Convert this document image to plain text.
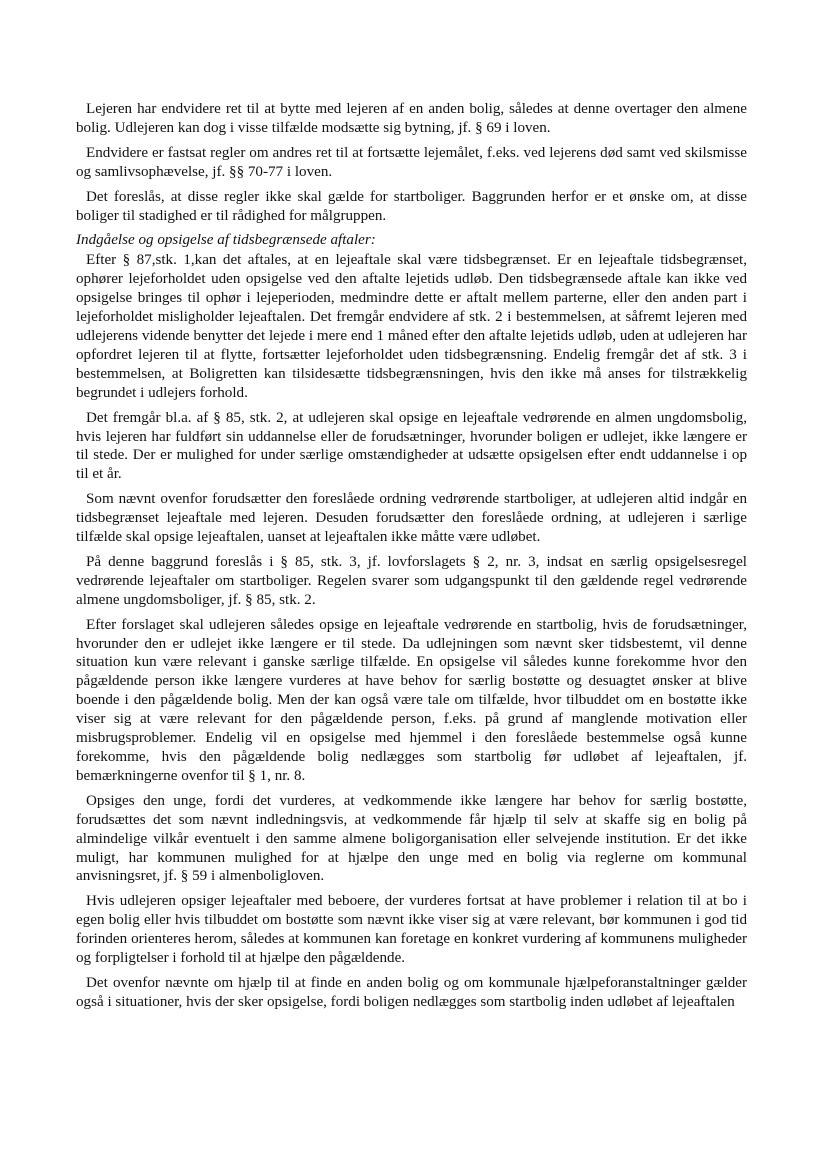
Lejeren har endvidere ret til at bytte med lejeren af en anden bolig, således at denne overtager den almene bolig. Udlejeren kan dog i visse tilfælde modsætte sig bytning, jf. § 69 i loven.

Endvidere er fastsat regler om andres ret til at fortsætte lejemålet, f.eks. ved lejerens død samt ved skilsmisse og samlivsophævelse, jf. §§ 70-77 i loven.

Det foreslås, at disse regler ikke skal gælde for startboliger. Baggrunden herfor er et ønske om, at disse boliger til stadighed er til rådighed for målgruppen.

Indgåelse og opsigelse af tidsbegrænsede aftaler:

Efter § 87,stk. 1,kan det aftales, at en lejeaftale skal være tidsbegrænset. Er en lejeaftale tidsbegrænset, ophører lejeforholdet uden opsigelse ved den aftalte lejetids udløb. Den tidsbegrænsede aftale kan ikke ved opsigelse bringes til ophør i lejeperioden, medmindre dette er aftalt mellem parterne, eller den anden part i lejeforholdet misligholder lejeaftalen. Det fremgår endvidere af stk. 2 i bestemmelsen, at såfremt lejeren med udlejerens vidende benytter det lejede i mere end 1 måned efter den aftalte lejetids udløb, uden at udlejeren har opfordret lejeren til at flytte, fortsætter lejeforholdet uden tidsbegrænsning. Endelig fremgår det af stk. 3 i bestemmelsen, at Boligretten kan tilsidesætte tidsbegrænsningen, hvis den ikke må anses for tilstrækkelig begrundet i udlejers forhold.

Det fremgår bl.a. af § 85, stk. 2, at udlejeren skal opsige en lejeaftale vedrørende en almen ungdomsbolig, hvis lejeren har fuldført sin uddannelse eller de forudsætninger, hvorunder boligen er udlejet, ikke længere er til stede. Der er mulighed for under særlige omstændigheder at udsætte opsigelsen efter endt uddannelse i op til et år.

Som nævnt ovenfor forudsætter den foreslåede ordning vedrørende startboliger, at udlejeren altid indgår en tidsbegrænset lejeaftale med lejeren. Desuden forudsætter den foreslåede ordning, at udlejeren i særlige tilfælde skal opsige lejeaftalen, uanset at lejeaftalen ikke måtte være udløbet.

På denne baggrund foreslås i § 85, stk. 3, jf. lovforslagets § 2, nr. 3, indsat en særlig opsigelsesregel vedrørende lejeaftaler om startboliger. Regelen svarer som udgangspunkt til den gældende regel vedrørende almene ungdomsboliger, jf. § 85, stk. 2.

Efter forslaget skal udlejeren således opsige en lejeaftale vedrørende en startbolig, hvis de forudsætninger, hvorunder den er udlejet ikke længere er til stede. Da udlejningen som nævnt sker tidsbestemt, vil denne situation kun være relevant i ganske særlige tilfælde. En opsigelse vil således kunne forekomme hvor den pågældende person ikke længere vurderes at have behov for særlig bostøtte og desuagtet ønsker at blive boende i den pågældende bolig. Men der kan også være tale om tilfælde, hvor tilbuddet om en bostøtte ikke viser sig at være relevant for den pågældende person, f.eks. på grund af manglende motivation eller misbrugsproblemer. Endelig vil en opsigelse med hjemmel i den foreslåede bestemmelse også kunne forekomme, hvis den pågældende bolig nedlægges som startbolig før udløbet af lejeaftalen, jf. bemærkningerne ovenfor til § 1, nr. 8.

Opsiges den unge, fordi det vurderes, at vedkommende ikke længere har behov for særlig bostøtte, forudsættes det som nævnt indledningsvis, at vedkommende får hjælp til selv at skaffe sig en bolig på almindelige vilkår eventuelt i den samme almene boligorganisation eller selvejende institution. Er det ikke muligt, har kommunen mulighed for at hjælpe den unge med en bolig via reglerne om kommunal anvisningsret, jf. § 59 i almenboligloven.

Hvis udlejeren opsiger lejeaftaler med beboere, der vurderes fortsat at have problemer i relation til at bo i egen bolig eller hvis tilbuddet om bostøtte som nævnt ikke viser sig at være relevant, bør kommunen i god tid forinden orienteres herom, således at kommunen kan foretage en konkret vurdering af kommunens muligheder og forpligtelser i forhold til at hjælpe den pågældende.

Det ovenfor nævnte om hjælp til at finde en anden bolig og om kommunale hjælpeforanstaltninger gælder også i situationer, hvis der sker opsigelse, fordi boligen nedlægges som startbolig inden udløbet af lejeaftalen
